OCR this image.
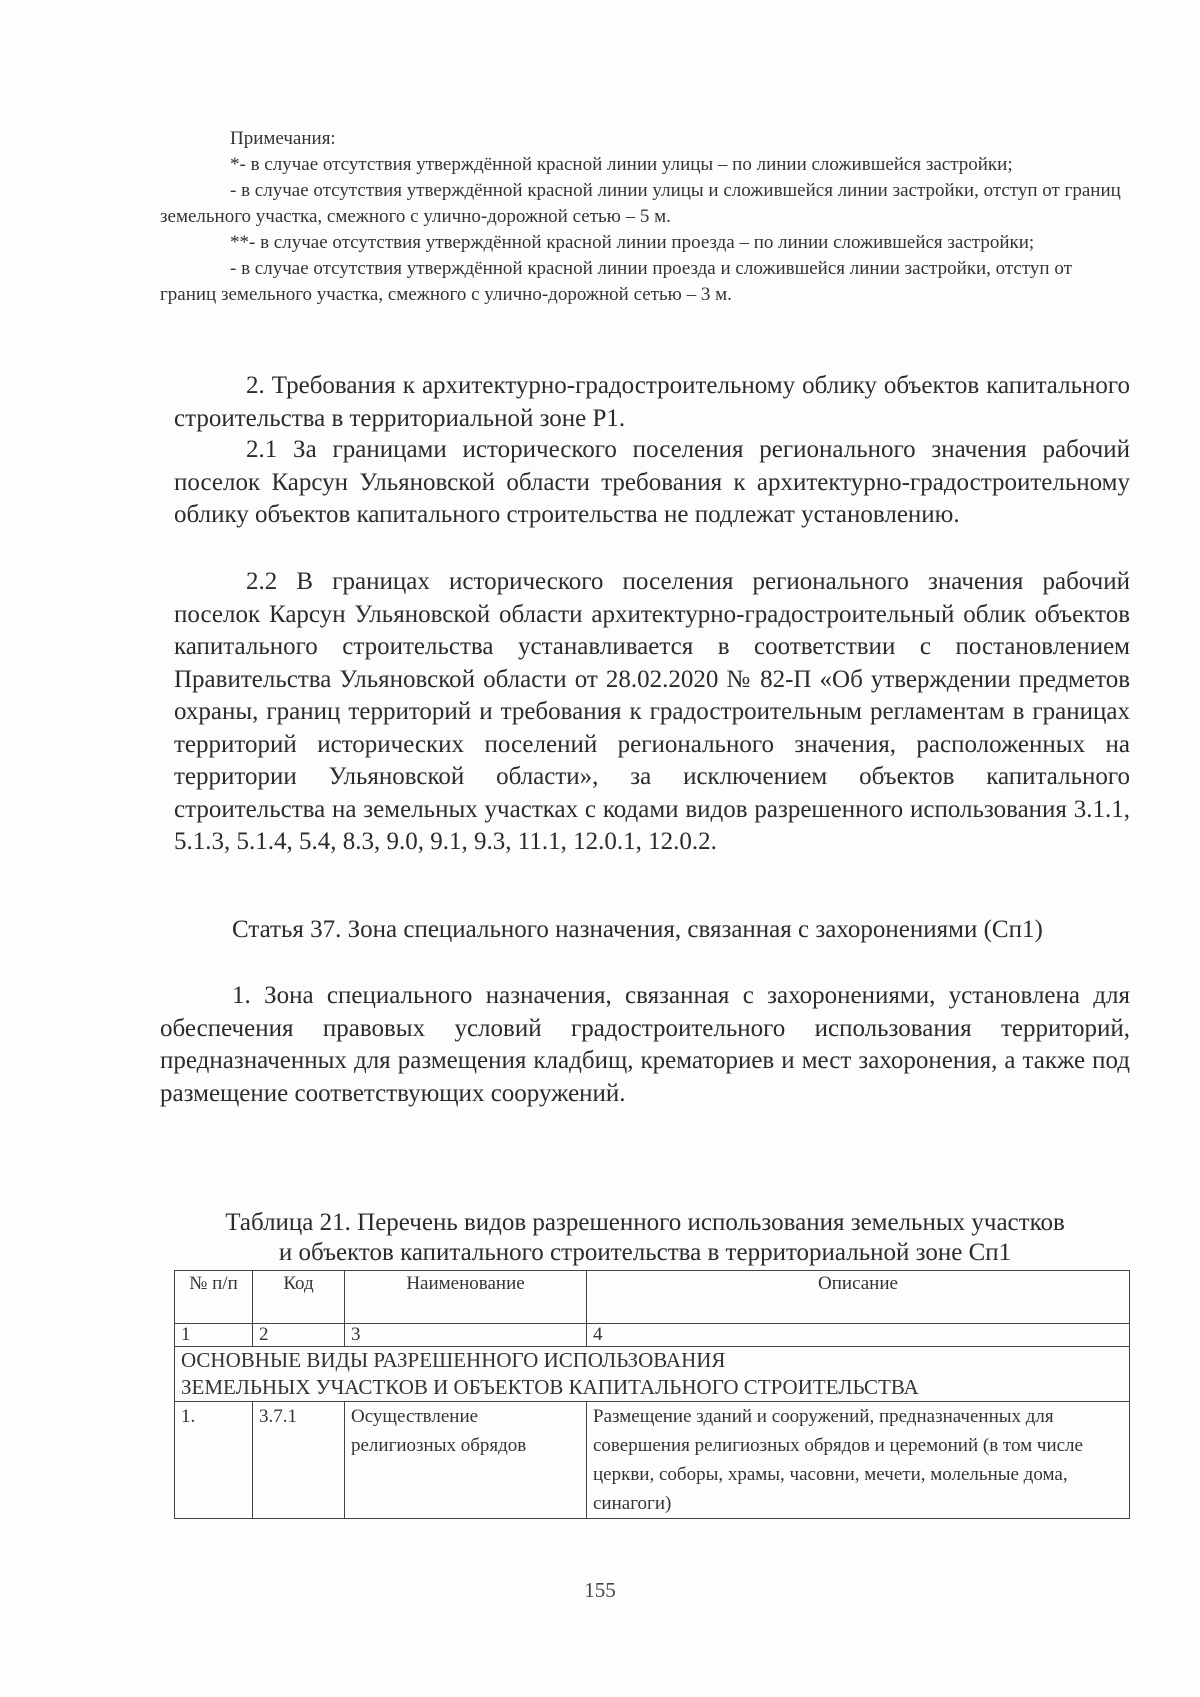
Примечания:

*- в случае отсутствия утверждённой красной линии улицы – по линии сложившейся застройки;

- в случае отсутствия утверждённой красной линии улицы и сложившейся линии застройки, отступ от границ земельного участка, смежного с улично-дорожной сетью – 5 м.

**- в случае отсутствия утверждённой красной линии проезда – по линии сложившейся застройки;

- в случае отсутствия утверждённой красной линии проезда и сложившейся линии застройки, отступ от границ земельного участка, смежного с улично-дорожной сетью – 3 м.

2. Требования к архитектурно-градостроительному облику объектов капитального строительства в территориальной зоне Р1.

2.1 За границами исторического поселения регионального значения рабочий поселок Карсун Ульяновской области требования к архитектурно-градостроительному облику объектов капитального строительства не подлежат установлению.

2.2 В границах исторического поселения регионального значения рабочий поселок Карсун Ульяновской области архитектурно-градостроительный облик объектов капитального строительства устанавливается в соответствии с постановлением Правительства Ульяновской области от 28.02.2020 № 82-П «Об утверждении предметов охраны, границ территорий и требования к градостроительным регламентам в границах территорий исторических поселений регионального значения, расположенных на территории Ульяновской области», за исключением объектов капитального строительства на земельных участках с кодами видов разрешенного использования 3.1.1, 5.1.3, 5.1.4, 5.4, 8.3, 9.0, 9.1, 9.3, 11.1, 12.0.1, 12.0.2.

Статья 37. Зона специального назначения, связанная с захоронениями (Сп1)

1. Зона специального назначения, связанная с захоронениями, установлена для обеспечения правовых условий градостроительного использования территорий, предназначенных для размещения кладбищ, крематориев и мест захоронения, а также под размещение соответствующих сооружений.

Таблица 21. Перечень видов разрешенного использования земельных участков
и объектов капитального строительства в территориальной зоне Сп1
№ п/п	Код	Наименование	Описание
1	2	3	4

ОСНОВНЫЕ ВИДЫ РАЗРЕШЕННОГО ИСПОЛЬЗОВАНИЯ
ЗЕМЕЛЬНЫХ УЧАСТКОВ И ОБЪЕКТОВ КАПИТАЛЬНОГО СТРОИТЕЛЬСТВА			

1.	3.7.1	Осуществление религиозных обрядов	Размещение зданий и сооружений, предназначенных для совершения религиозных обрядов и церемоний (в том числе церкви, соборы, храмы, часовни, мечети, молельные дома, синагоги)
155
